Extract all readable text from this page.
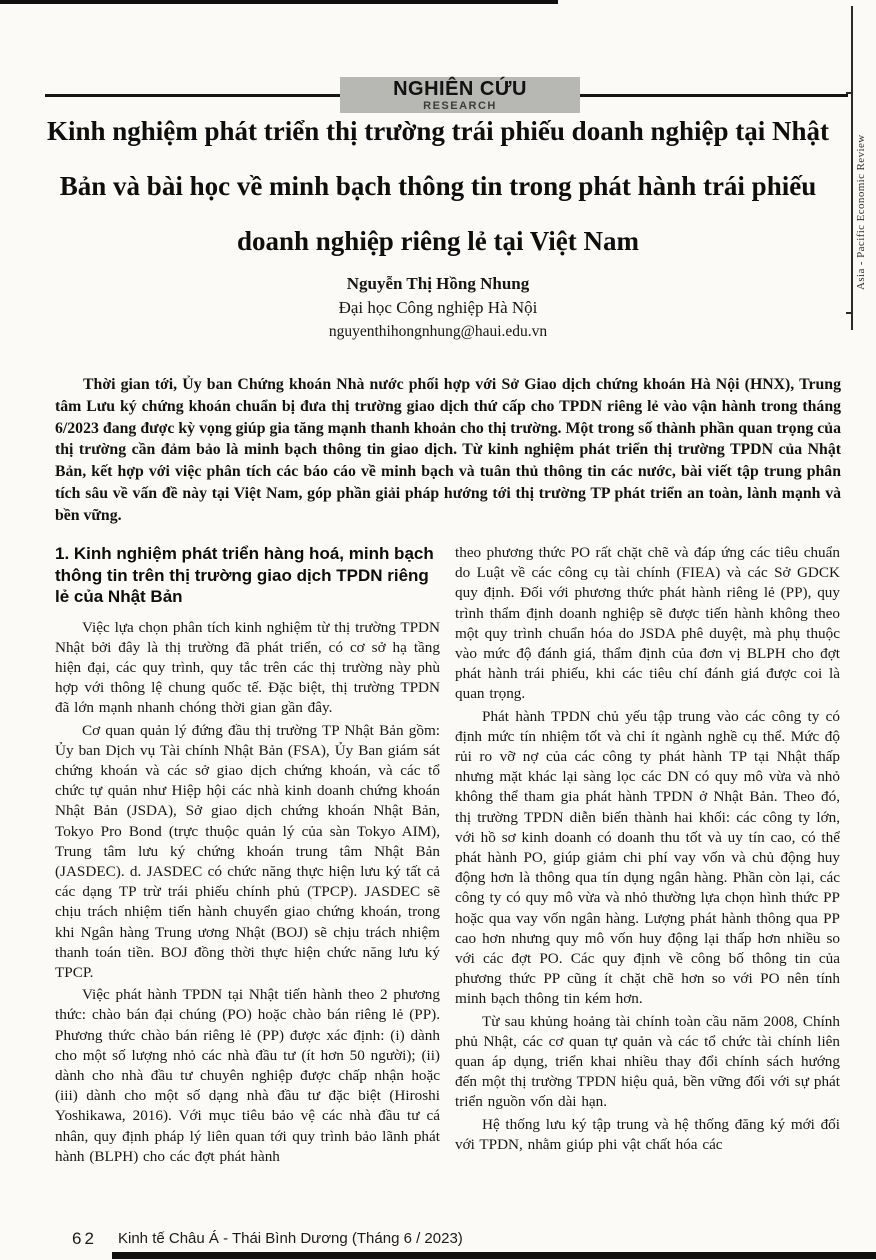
Asia - Pacific Economic Review
NGHIÊN CỨU
RESEARCH
Kinh nghiệm phát triển thị trường trái phiếu doanh nghiệp tại Nhật Bản và bài học về minh bạch thông tin trong phát hành trái phiếu doanh nghiệp riêng lẻ tại Việt Nam
Nguyễn Thị Hồng Nhung
Đại học Công nghiệp Hà Nội
nguyenthihongnhung@haui.edu.vn

Thời gian tới, Ủy ban Chứng khoán Nhà nước phối hợp với Sở Giao dịch chứng khoán Hà Nội (HNX), Trung tâm Lưu ký chứng khoán chuẩn bị đưa thị trường giao dịch thứ cấp cho TPDN riêng lẻ vào vận hành trong tháng 6/2023 đang được kỳ vọng giúp gia tăng mạnh thanh khoản cho thị trường. Một trong số thành phần quan trọng của thị trường cần đảm bảo là minh bạch thông tin giao dịch. Từ kinh nghiệm phát triển thị trường TPDN của Nhật Bản, kết hợp với việc phân tích các báo cáo về minh bạch và tuân thủ thông tin các nước, bài viết tập trung phân tích sâu về vấn đề này tại Việt Nam, góp phần giải pháp hướng tới thị trường TP phát triển an toàn, lành mạnh và bền vững.

1. Kinh nghiệm phát triển hàng hoá, minh bạch thông tin trên thị trường giao dịch TPDN riêng lẻ của Nhật Bản

Việc lựa chọn phân tích kinh nghiệm từ thị trường TPDN Nhật bởi đây là thị trường đã phát triển, có cơ sở hạ tầng hiện đại, các quy trình, quy tắc trên các thị trường này phù hợp với thông lệ chung quốc tế. Đặc biệt, thị trường TPDN đã lớn mạnh nhanh chóng thời gian gần đây.

Cơ quan quản lý đứng đầu thị trường TP Nhật Bản gồm: Ủy ban Dịch vụ Tài chính Nhật Bản (FSA), Ủy Ban giám sát chứng khoán và các sở giao dịch chứng khoán, và các tổ chức tự quản như Hiệp hội các nhà kinh doanh chứng khoán Nhật Bản (JSDA), Sở giao dịch chứng khoán Nhật Bản, Tokyo Pro Bond (trực thuộc quản lý của sàn Tokyo AIM), Trung tâm lưu ký chứng khoán trung tâm Nhật Bản (JASDEC). d. JASDEC có chức năng thực hiện lưu ký tất cả các dạng TP trừ trái phiếu chính phủ (TPCP). JASDEC sẽ chịu trách nhiệm tiến hành chuyển giao chứng khoán, trong khi Ngân hàng Trung ương Nhật (BOJ) sẽ chịu trách nhiệm thanh toán tiền. BOJ đồng thời thực hiện chức năng lưu ký TPCP.

Việc phát hành TPDN tại Nhật tiến hành theo 2 phương thức: chào bán đại chúng (PO) hoặc chào bán riêng lẻ (PP). Phương thức chào bán riêng lẻ (PP) được xác định: (i) dành cho một số lượng nhỏ các nhà đầu tư (ít hơn 50 người); (ii) dành cho nhà đầu tư chuyên nghiệp được chấp nhận hoặc (iii) dành cho một số dạng nhà đầu tư đặc biệt (Hiroshi Yoshikawa, 2016). Với mục tiêu bảo vệ các nhà đầu tư cá nhân, quy định pháp lý liên quan tới quy trình bảo lãnh phát hành (BLPH) cho các đợt phát hành

theo phương thức PO rất chặt chẽ và đáp ứng các tiêu chuẩn do Luật về các công cụ tài chính (FIEA) và các Sở GDCK quy định. Đối với phương thức phát hành riêng lẻ (PP), quy trình thẩm định doanh nghiệp sẽ được tiến hành không theo một quy trình chuẩn hóa do JSDA phê duyệt, mà phụ thuộc vào mức độ đánh giá, thẩm định của đơn vị BLPH cho đợt phát hành trái phiếu, khi các tiêu chí đánh giá được coi là quan trọng.

Phát hành TPDN chủ yếu tập trung vào các công ty có định mức tín nhiệm tốt và chỉ ít ngành nghề cụ thể. Mức độ rủi ro vỡ nợ của các công ty phát hành TP tại Nhật thấp nhưng mặt khác lại sàng lọc các DN có quy mô vừa và nhỏ không thể tham gia phát hành TPDN ở Nhật Bản. Theo đó, thị trường TPDN diễn biến thành hai khối: các công ty lớn, với hồ sơ kinh doanh có doanh thu tốt và uy tín cao, có thể phát hành PO, giúp giảm chi phí vay vốn và chủ động huy động hơn là thông qua tín dụng ngân hàng. Phần còn lại, các công ty có quy mô vừa và nhỏ thường lựa chọn hình thức PP hoặc qua vay vốn ngân hàng. Lượng phát hành thông qua PP cao hơn nhưng quy mô vốn huy động lại thấp hơn nhiều so với các đợt PO. Các quy định về công bố thông tin của phương thức PP cũng ít chặt chẽ hơn so với PO nên tính minh bạch thông tin kém hơn.

Từ sau khủng hoảng tài chính toàn cầu năm 2008, Chính phủ Nhật, các cơ quan tự quản và các tổ chức tài chính liên quan áp dụng, triển khai nhiều thay đổi chính sách hướng đến một thị trường TPDN hiệu quả, bền vững đối với sự phát triển nguồn vốn dài hạn.

Hệ thống lưu ký tập trung và hệ thống đăng ký mới đối với TPDN, nhằm giúp phi vật chất hóa các

62 Kinh tế Châu Á - Thái Bình Dương (Tháng 6 / 2023)
